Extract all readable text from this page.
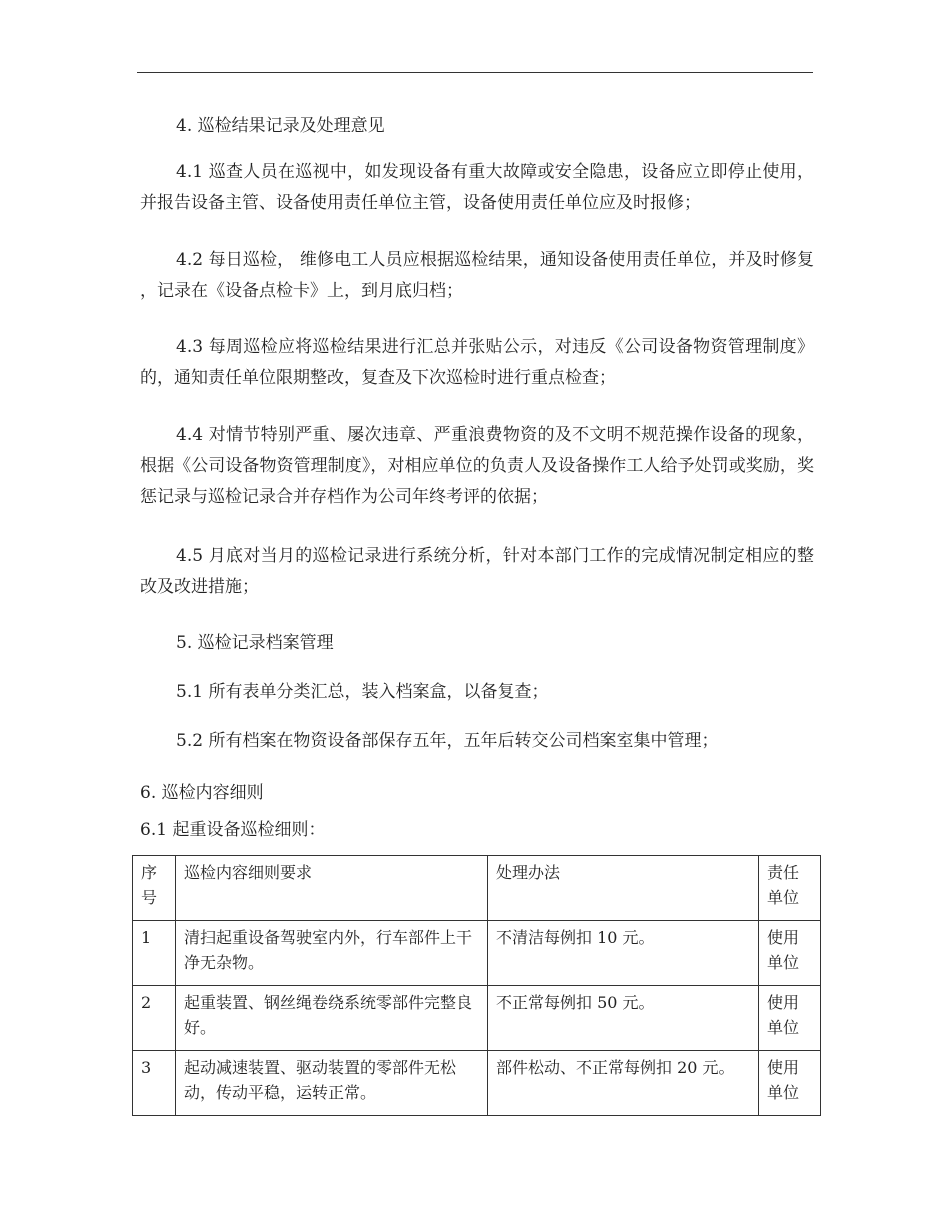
4. 巡检结果记录及处理意见

4.1 巡查人员在巡视中，如发现设备有重大故障或安全隐患，设备应立即停止使用，并报告设备主管、设备使用责任单位主管，设备使用责任单位应及时报修；

4.2 每日巡检， 维修电工人员应根据巡检结果，通知设备使用责任单位，并及时修复 ，记录在《设备点检卡》上，到月底归档；

4.3 每周巡检应将巡检结果进行汇总并张贴公示，对违反《公司设备物资管理制度》的，通知责任单位限期整改，复查及下次巡检时进行重点检查；

4.4 对情节特别严重、屡次违章、严重浪费物资的及不文明不规范操作设备的现象，根据《公司设备物资管理制度》，对相应单位的负责人及设备操作工人给予处罚或奖励，奖惩记录与巡检记录合并存档作为公司年终考评的依据；

4.5 月底对当月的巡检记录进行系统分析，针对本部门工作的完成情况制定相应的整改及改进措施；

5. 巡检记录档案管理

5.1 所有表单分类汇总，装入档案盒，以备复查；

5.2 所有档案在物资设备部保存五年，五年后转交公司档案室集中管理；

6. 巡检内容细则

6.1 起重设备巡检细则：

序号	巡检内容细则要求	处理办法	责任单位
1	清扫起重设备驾驶室内外，行车部件上干净无杂物。	不清洁每例扣 10 元。	使用单位
2	起重装置、钢丝绳卷绕系统零部件完整良好。	不正常每例扣 50 元。	使用单位
3	起动减速装置、驱动装置的零部件无松动，传动平稳，运转正常。	部件松动、不正常每例扣 20 元。	使用单位
